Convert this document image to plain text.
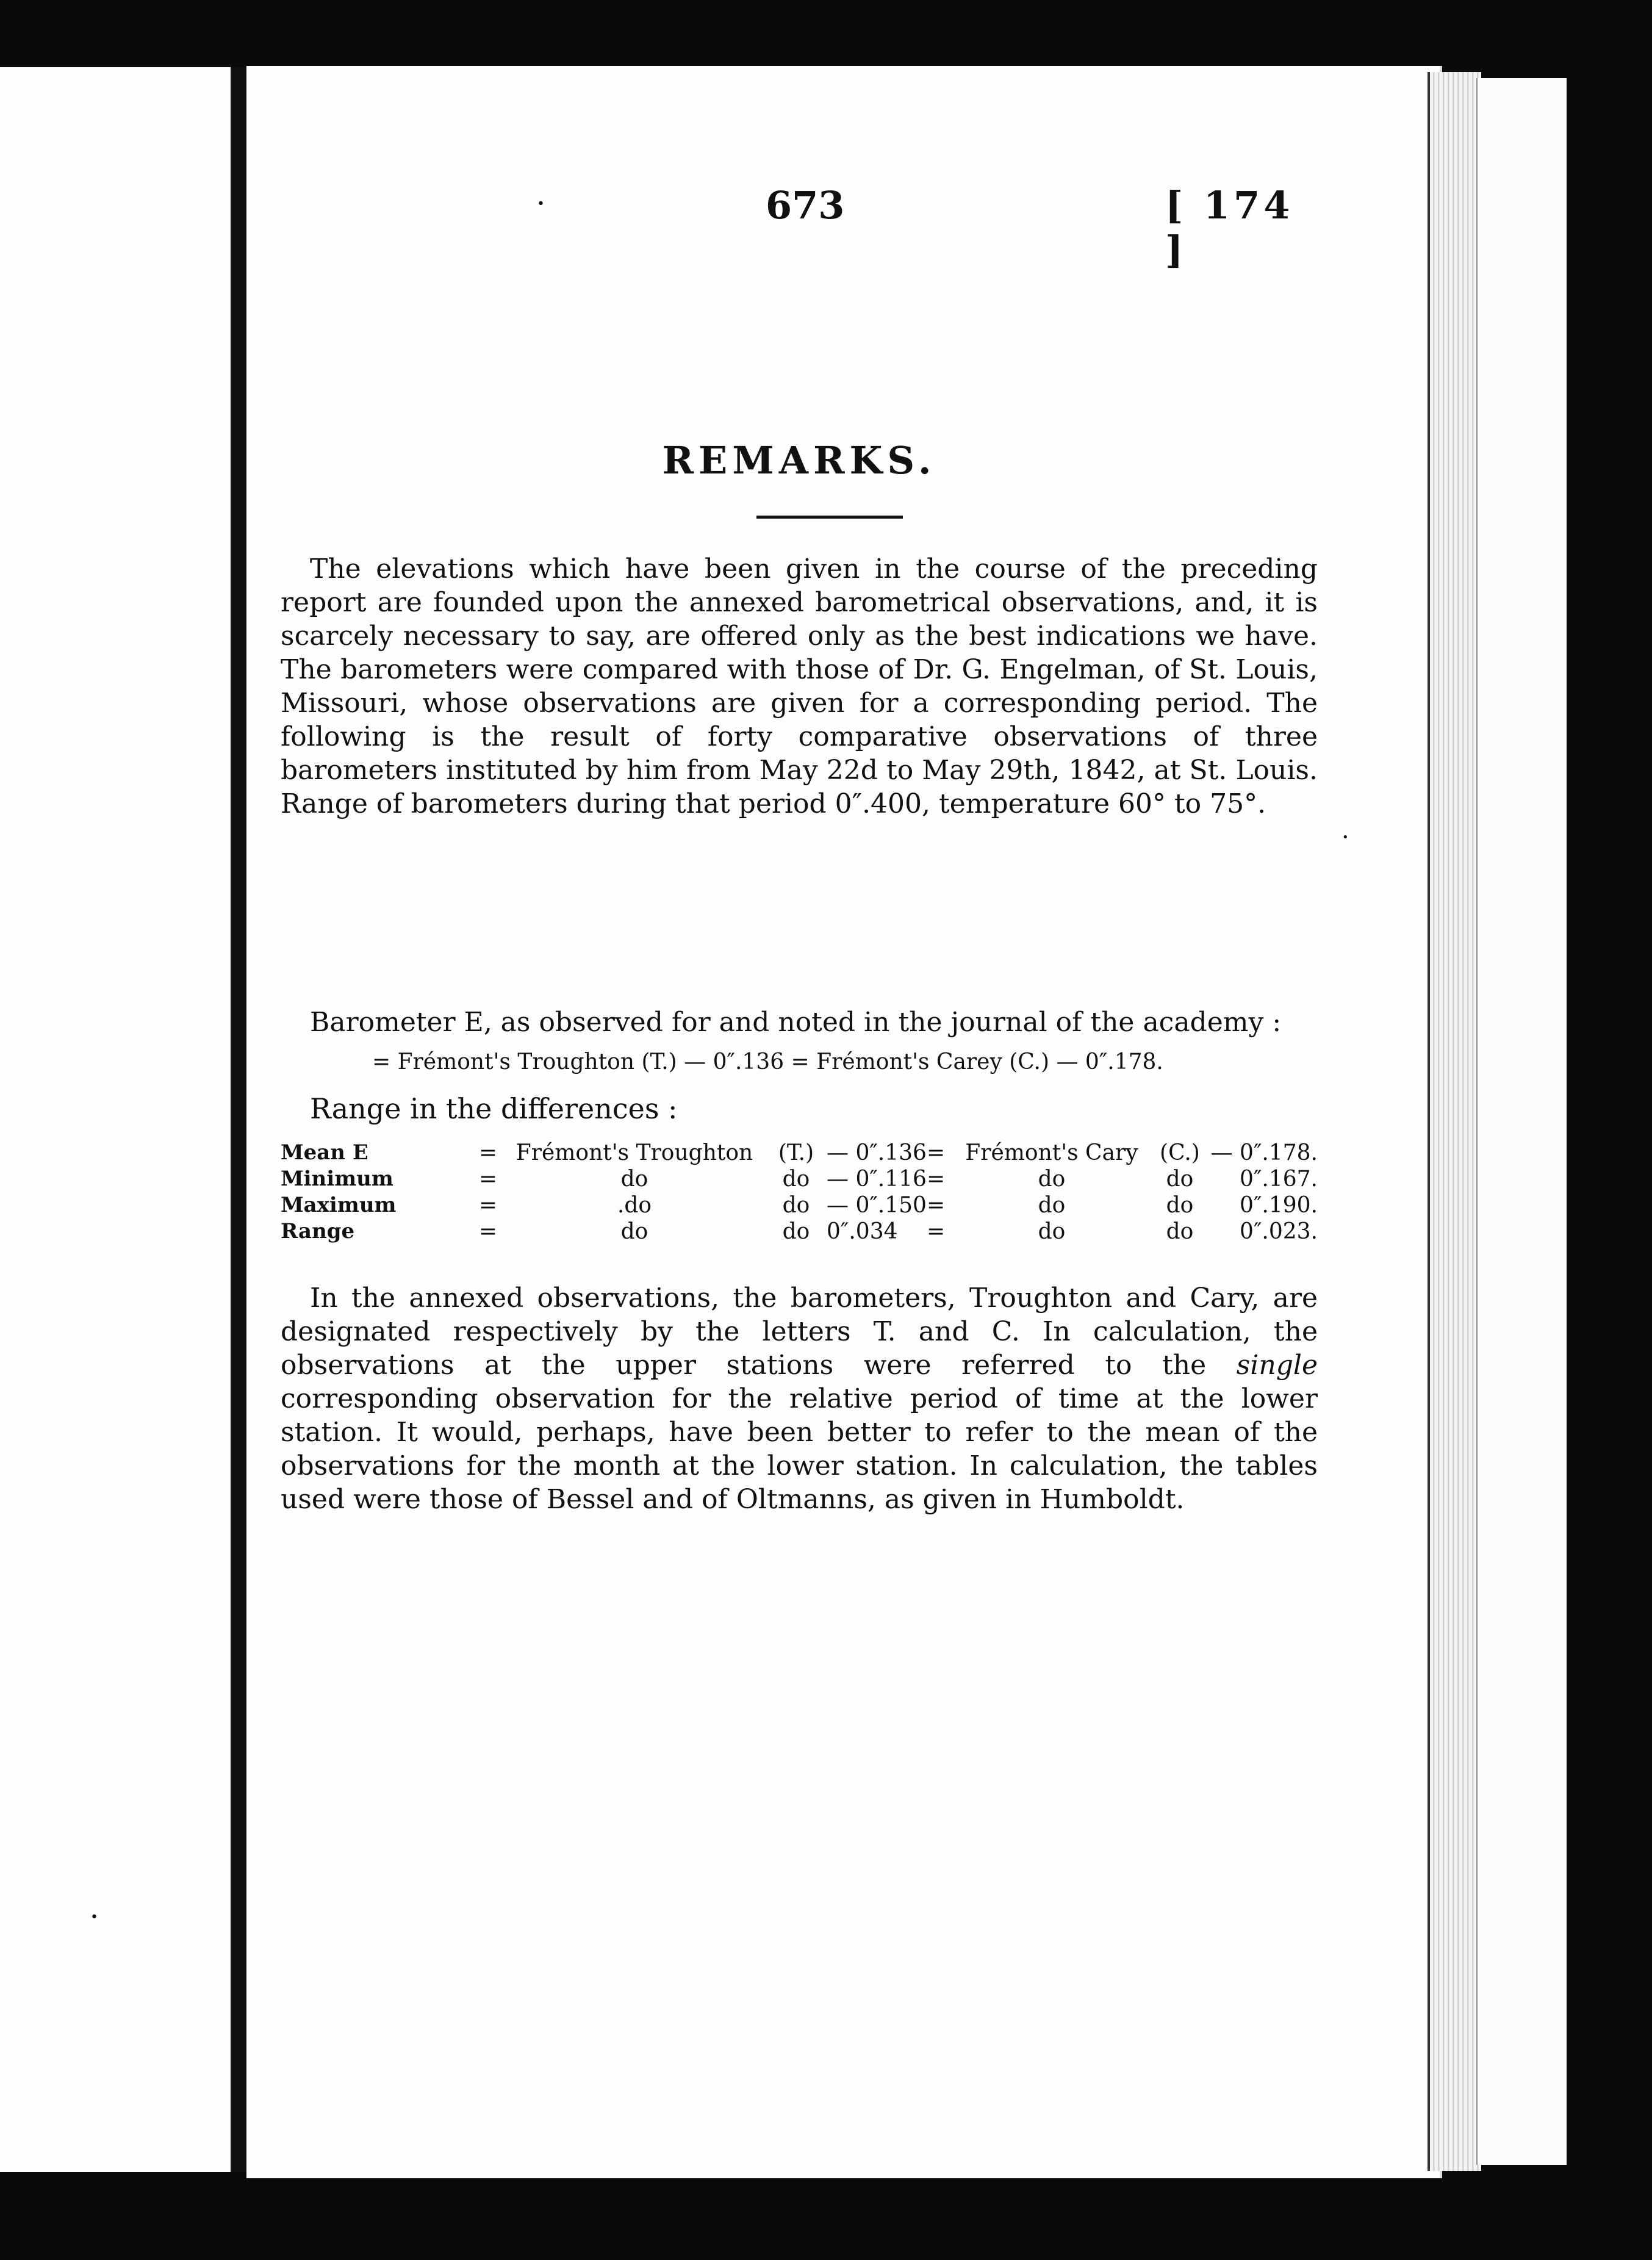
•
•
•
673	[ 174 ]
REMARKS.
The elevations which have been given in the course of the preceding report are founded upon the annexed barometrical observations, and, it is scarcely necessary to say, are offered only as the best indications we have. The barometers were compared with those of Dr. G. Engelman, of St. Louis, Missouri, whose observations are given for a corresponding period. The following is the result of forty comparative observations of three barometers instituted by him from May 22d to May 29th, 1842, at St. Louis. Range of barometers during that period 0″.400, temperature 60° to 75°.
Barometer E, as observed for and noted in the journal of the academy :
= Frémont's Troughton (T.) — 0″.136 = Frémont's Carey (C.) — 0″.178.
Range in the differences :
Mean E	=	Frémont's Troughton	(T.)	— 0″.136	=	Frémont's Cary	(C.)	— 0″.178.
Minimum	=	do	do	— 0″.116	=	do	do	0″.167.
Maximum	=	.do	do	— 0″.150	=	do	do	0″.190.
Range	=	do	do	0″.034	=	do	do	0″.023.
In the annexed observations, the barometers, Troughton and Cary, are designated respectively by the letters T. and C. In calculation, the observations at the upper stations were referred to the single corresponding observation for the relative period of time at the lower station. It would, perhaps, have been better to refer to the mean of the observations for the month at the lower station. In calculation, the tables used were those of Bessel and of Oltmanns, as given in Humboldt.
